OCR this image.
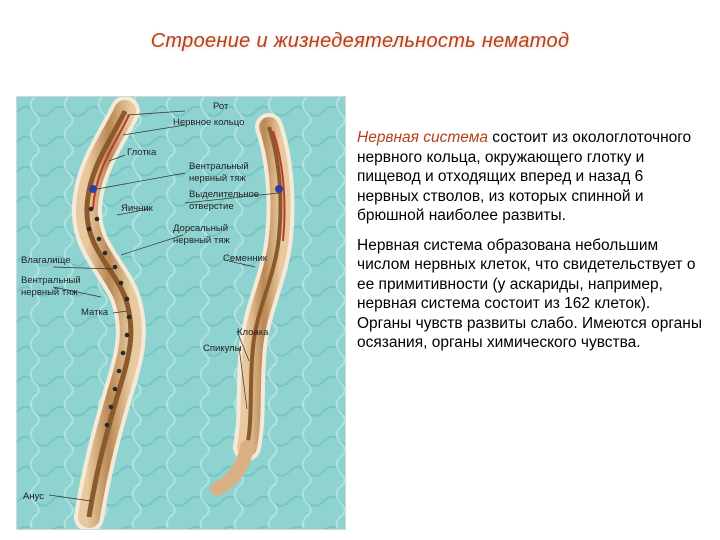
Строение и жизнедеятельность нематод
Рот
Нервное кольцо
Глотка
Вентральный
нервный тяж
Выделительное
отверстие
Яичник
Дорсальный
нервный тяж
Семенник
Влагалище
Вентральный
нервный тяж
Матка
Клоака
Спикулы
Анус

Нервная система состоит из окологлоточного нервного кольца, окружающего глотку и пищевод и отходящих вперед и назад 6 нервных стволов, из которых спинной и брюшной наиболее развиты.

Нервная система образована небольшим числом нервных клеток, что свидетельствует о ее примитивности (у аскариды, например, нервная система состоит из 162 клеток). Органы чувств развиты слабо. Имеются органы осязания, органы химического чувства.
